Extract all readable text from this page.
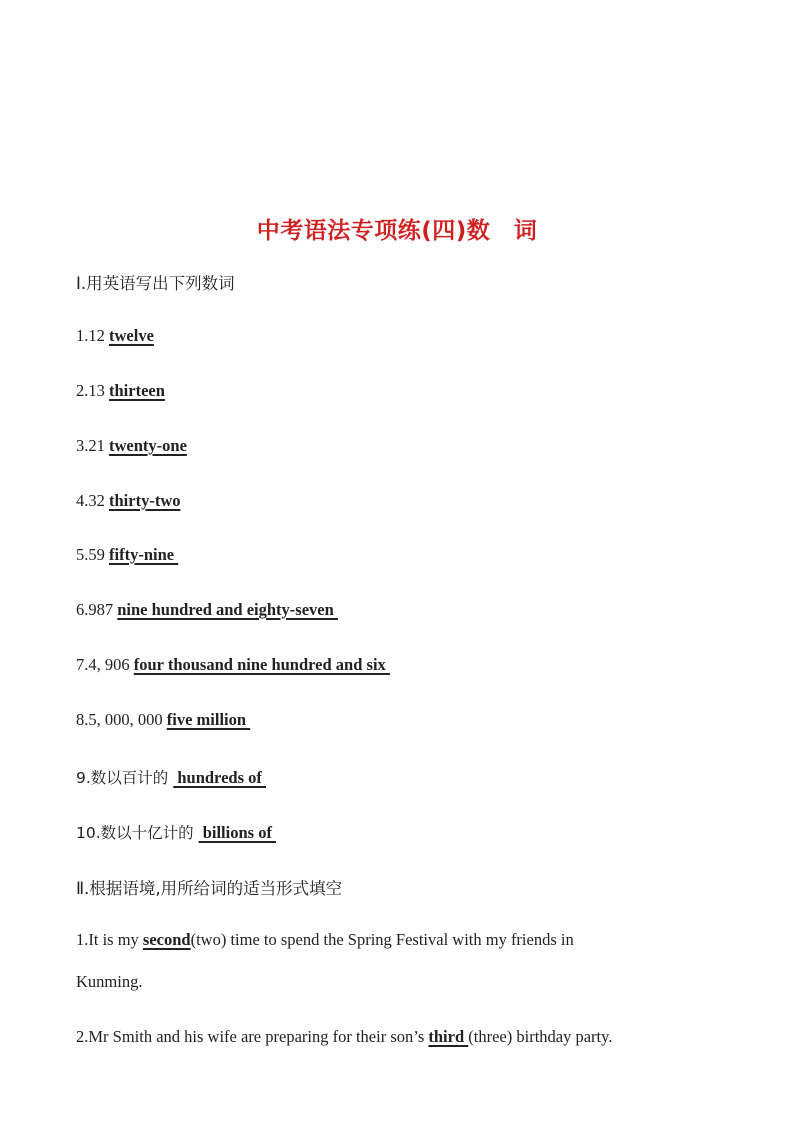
中考语法专项练(四)数　词
Ⅰ.用英语写出下列数词
1.12 twelve
2.13 thirteen
3.21 twenty-one
4.32 thirty-two
5.59 fifty-nine
6.987 nine hundred and eighty-seven
7.4, 906 four thousand nine hundred and six
8.5, 000, 000 five million
9.数以百计的  hundreds of
10.数以十亿计的  billions of
Ⅱ.根据语境,用所给词的适当形式填空
1.It is my second(two) time to spend the Spring Festival with my friends in
Kunming.
2.Mr Smith and his wife are preparing for their son’s third (three) birthday party.
